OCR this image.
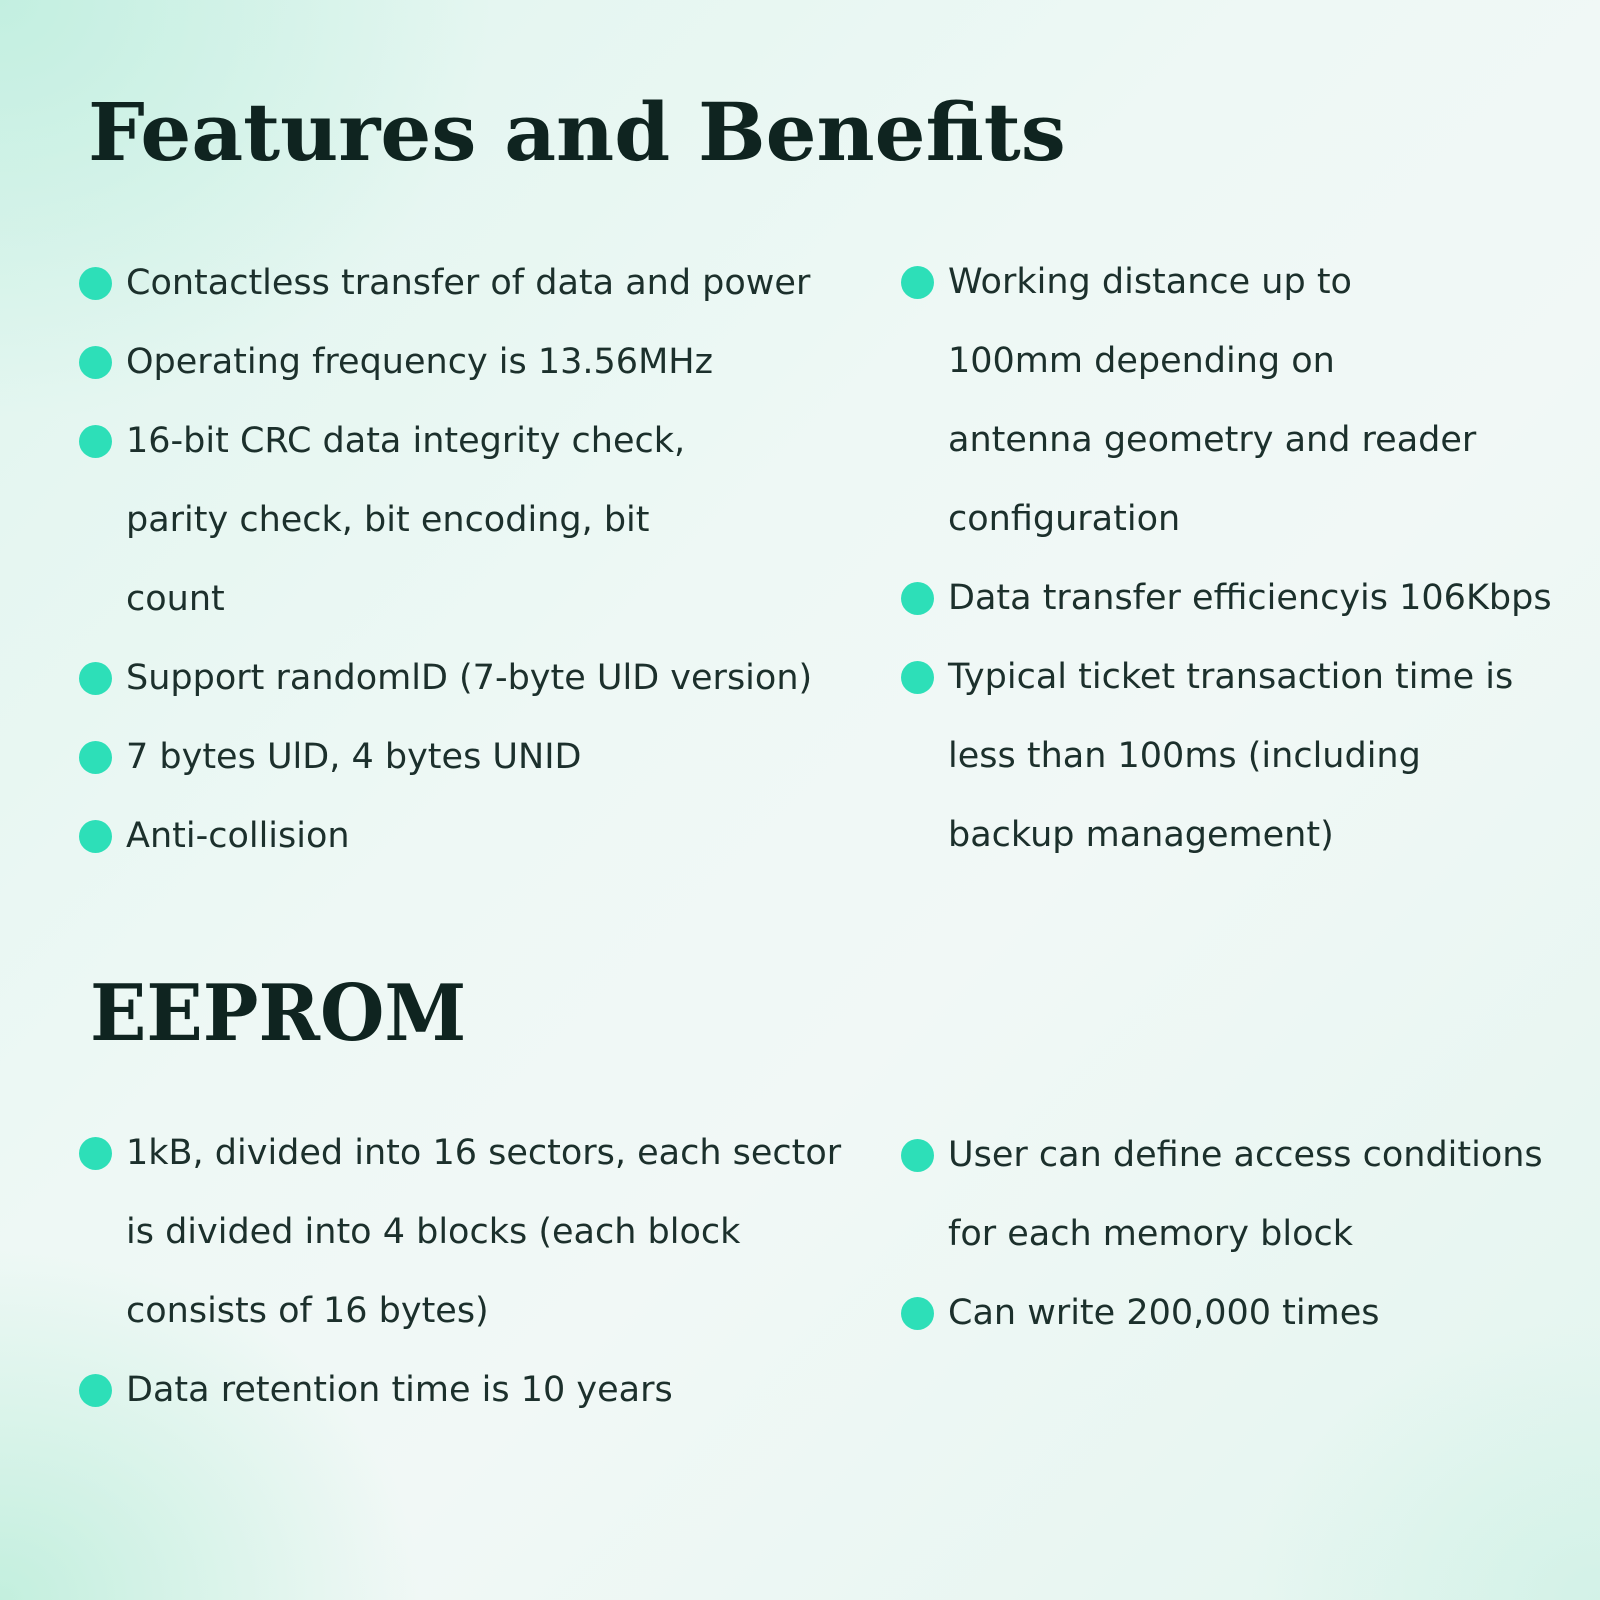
Features and Benefits
Contactless transfer of data and power
Operating frequency is 13.56MHz
16-bit CRC data integrity check, parity check, bit encoding, bit count
Support randomlD (7-byte UlD version)
7 bytes UlD, 4 bytes UNID
Anti-collision
Working distance up to 100mm depending on antenna geometry and reader configuration
Data transfer efficiencyis 106Kbps
Typical ticket transaction time is less than 100ms (including backup management)
EEPROM
1kB, divided into 16 sectors, each sector is divided into 4 blocks (each block consists of 16 bytes)
Data retention time is 10 years
User can define access conditions for each memory block
Can write 200,000 times
